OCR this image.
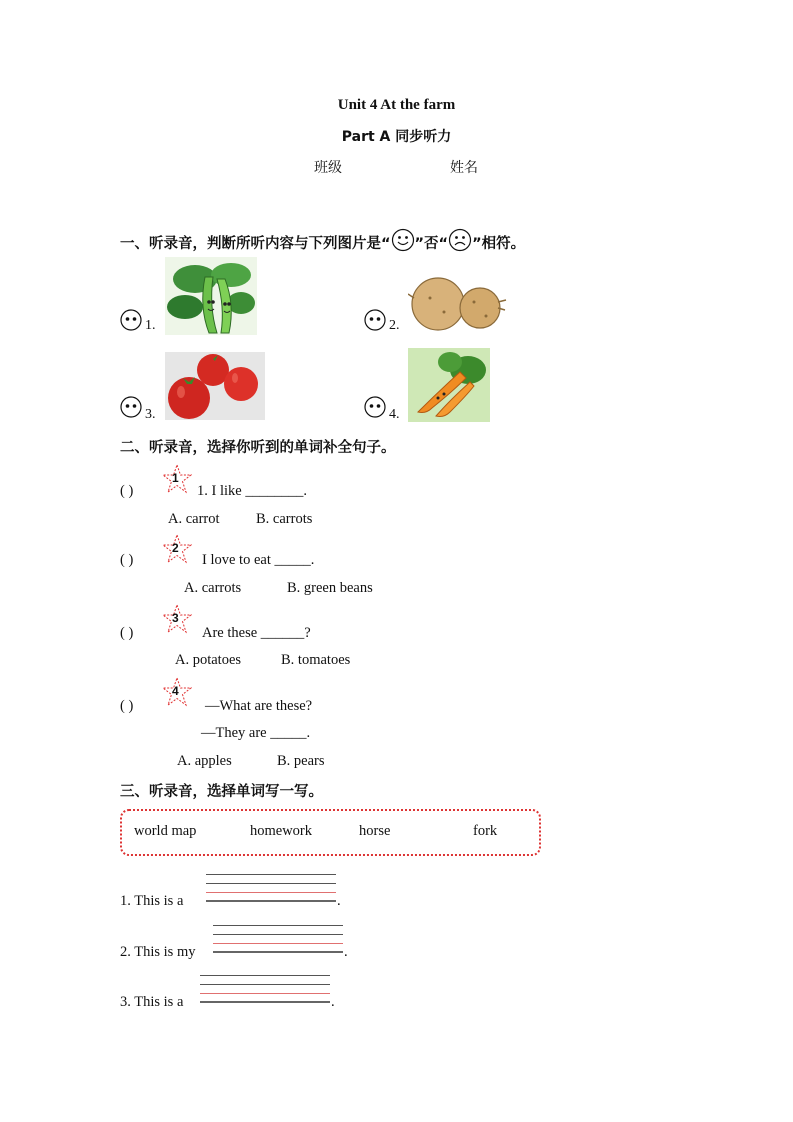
Unit 4 At the farm
Part A 同步听力
班级	姓名
一、听录音，判断所听内容与下列图片是“ ”否“ ”相符。
1.	2.
3.	4.
二、听录音，选择你听到的单词补全句子。
( )
1
1. I like ________.
A. carrot	B. carrots
( )
2
I love to eat _____.
A. carrots	B. green beans
( )
3
Are these ______?
A. potatoes	B. tomatoes
( )
4
—What are these?
—They are _____.
A. apples	B. pears
三、听录音，选择单词写一写。
world map	homework	horse	fork
1. This is a	.
2. This is my	.
3. This is a	.
